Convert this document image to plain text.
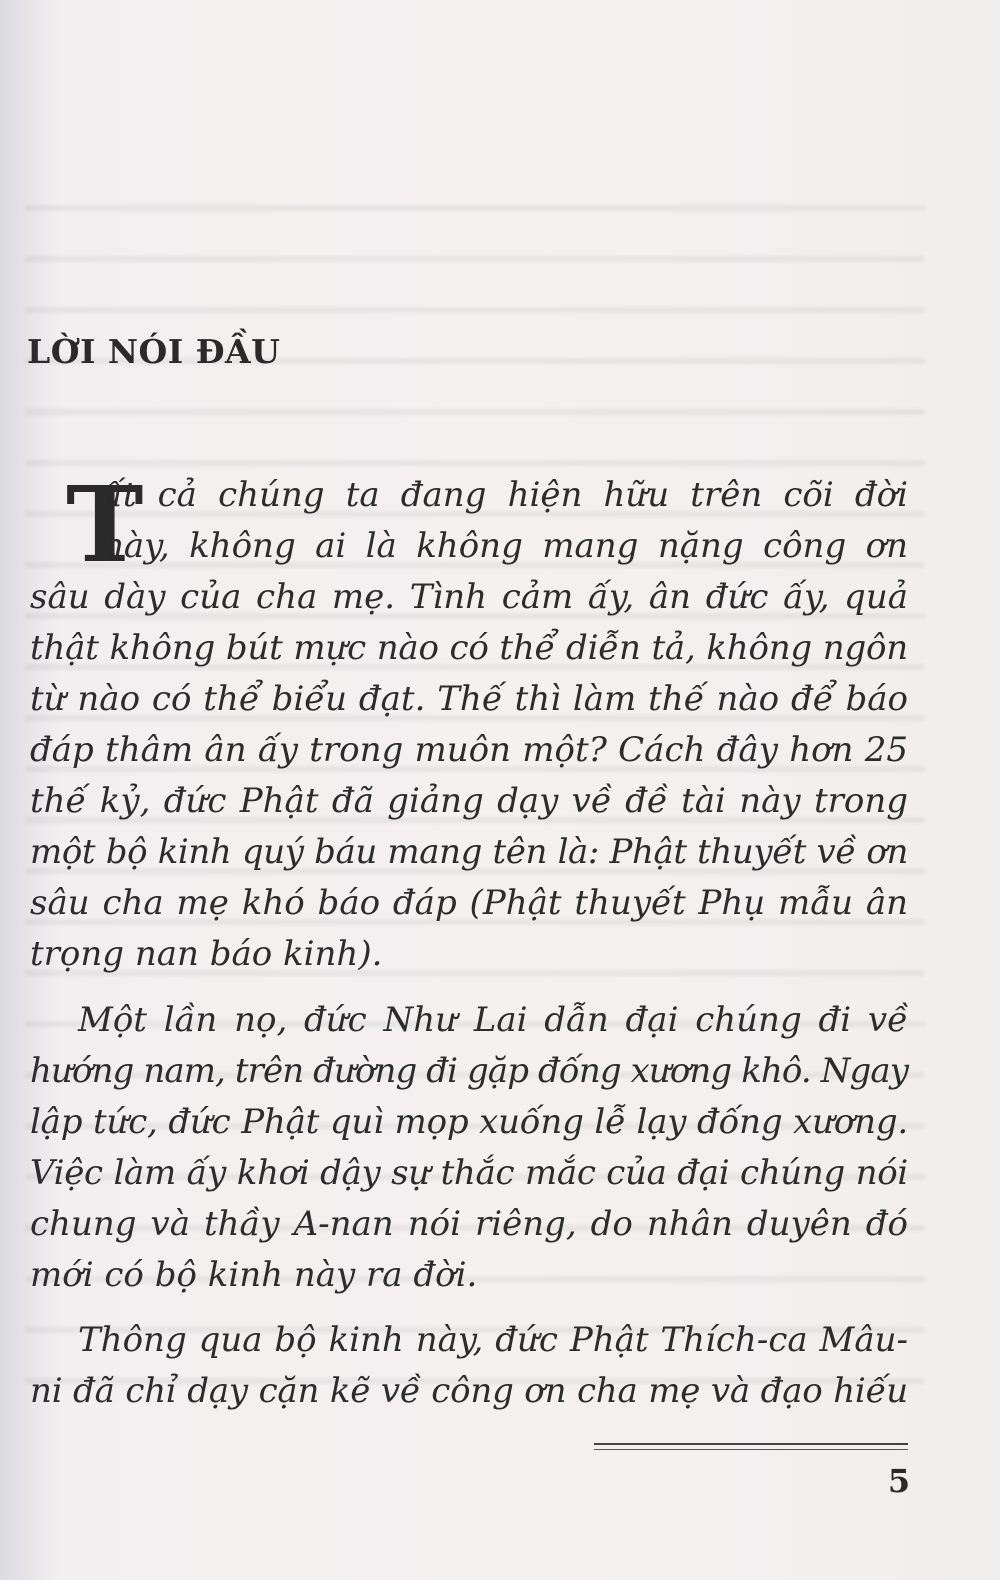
LỜI NÓI ĐẦU
T
ất cả chúng ta đang hiện hữu trên cõi đời
này, không ai là không mang nặng công ơn
sâu dày của cha mẹ. Tình cảm ấy, ân đức ấy, quả
thật không bút mực nào có thể diễn tả, không ngôn
từ nào có thể biểu đạt. Thế thì làm thế nào để báo
đáp thâm ân ấy trong muôn một? Cách đây hơn 25
thế kỷ, đức Phật đã giảng dạy về đề tài này trong
một bộ kinh quý báu mang tên là: Phật thuyết về ơn
sâu cha mẹ khó báo đáp (Phật thuyết Phụ mẫu ân
trọng nan báo kinh).
Một lần nọ, đức Như Lai dẫn đại chúng đi về
hướng nam, trên đường đi gặp đống xương khô. Ngay
lập tức, đức Phật quì mọp xuống lễ lạy đống xương.
Việc làm ấy khơi dậy sự thắc mắc của đại chúng nói
chung và thầy A-nan nói riêng, do nhân duyên đó
mới có bộ kinh này ra đời.
Thông qua bộ kinh này, đức Phật Thích-ca Mâu-
ni đã chỉ dạy cặn kẽ về công ơn cha mẹ và đạo hiếu
5
